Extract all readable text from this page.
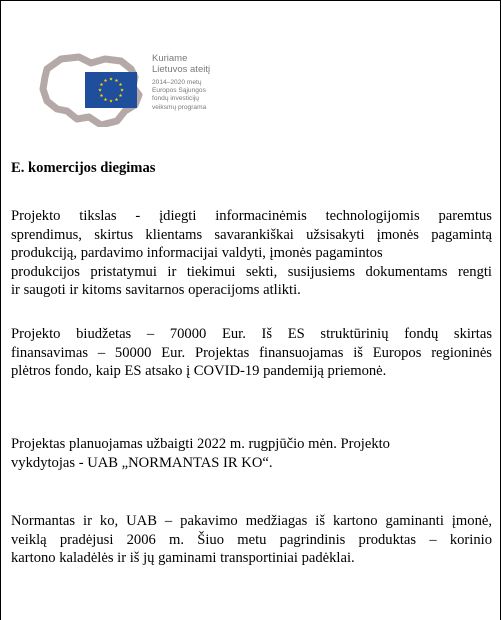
Kuriame
Lietuvos ateitį
2014–2020 metų
Europos Sąjungos
fondų investicijų
veiksmų programa

E. komercijos diegimas

Projekto tikslas - įdiegti informacinėmis technologijomis paremtus
sprendimus, skirtus klientams savarankiškai užsisakyti įmonės pagamintą
produkciją, pardavimo informacijai valdyti, įmonės pagamintos
produkcijos pristatymui ir tiekimui sekti, susijusiems dokumentams rengti
ir saugoti ir kitoms savitarnos operacijoms atlikti.

Projekto biudžetas – 70000 Eur. Iš ES struktūrinių fondų skirtas
finansavimas – 50000 Eur. Projektas finansuojamas iš Europos regioninės
plėtros fondo, kaip ES atsako į COVID-19 pandemiją priemonė.

Projektas planuojamas užbaigti 2022 m. rugpjūčio mėn. Projekto
vykdytojas - UAB „NORMANTAS IR KO“.

Normantas ir ko, UAB – pakavimo medžiagas iš kartono gaminanti įmonė,
veiklą pradėjusi 2006 m. Šiuo metu pagrindinis produktas – korinio
kartono kaladėlės ir iš jų gaminami transportiniai padėklai.
